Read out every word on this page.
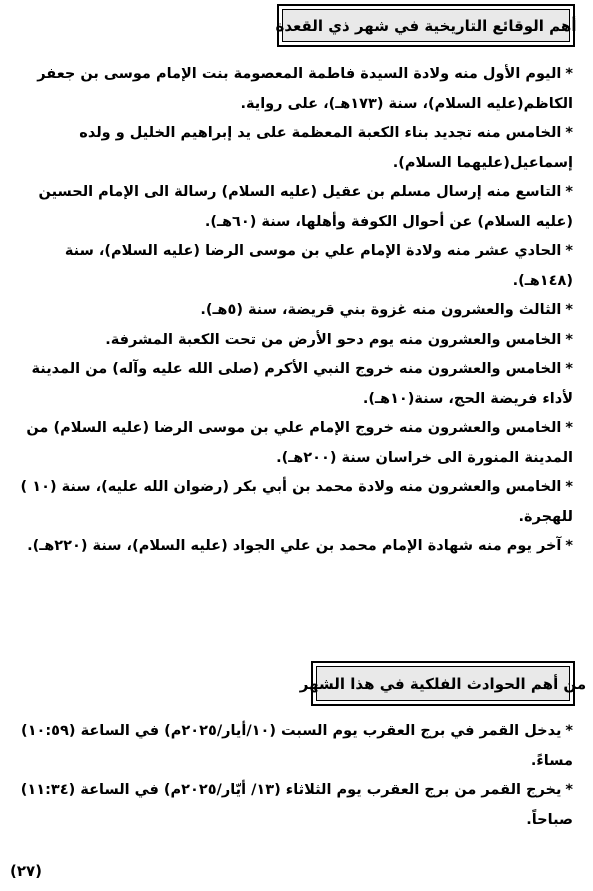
أهم الوقائع التاريخية في شهر ذي القعدة
*اليوم الأول منه ولادة السيدة فاطمة المعصومة بنت الإمام موسى بن جعفر الكاظم(عليه السلام)، سنة (١٧٣هـ)، على رواية.
*الخامس منه تجديد بناء الكعبة المعظمة على يد إبراهيم الخليل و ولده إسماعيل(عليهما السلام).
*التاسع منه إرسال مسلم بن عقيل (عليه السلام) رسالة الى الإمام الحسين (عليه السلام) عن أحوال الكوفة وأهلها، سنة (٦٠هـ).
*الحادي عشر منه ولادة الإمام علي بن موسى الرضا (عليه السلام)، سنة (١٤٨هـ).
*الثالث والعشرون منه غزوة بني قريضة، سنة (٥هـ).
*الخامس والعشرون منه يوم دحو الأرض من تحت الكعبة المشرفة.
*الخامس والعشرون منه خروج النبي الأكرم (صلى الله عليه وآله) من المدينة لأداء فريضة الحج، سنة(١٠هـ).
*الخامس والعشرون منه خروج الإمام علي بن موسى الرضا (عليه السلام) من المدينة المنورة الى خراسان سنة (٢٠٠هـ).
*الخامس والعشرون منه ولادة محمد بن أبي بكر (رضوان الله عليه)، سنة (١٠ ) للهجرة.
*آخر يوم منه شهادة الإمام محمد بن علي الجواد (عليه السلام)، سنة (٢٢٠هـ).
من أهم الحوادث الفلكية في هذا الشهر
*يدخل القمر في برج العقرب يوم السبت (١٠/أيار/٢٠٢٥م) في الساعة (١٠:٥٩) مساءً.
*يخرج القمر من برج العقرب يوم الثلاثاء (١٣/ أيّار/٢٠٢٥م) في الساعة (١١:٣٤) صباحاً.
(٢٧)
